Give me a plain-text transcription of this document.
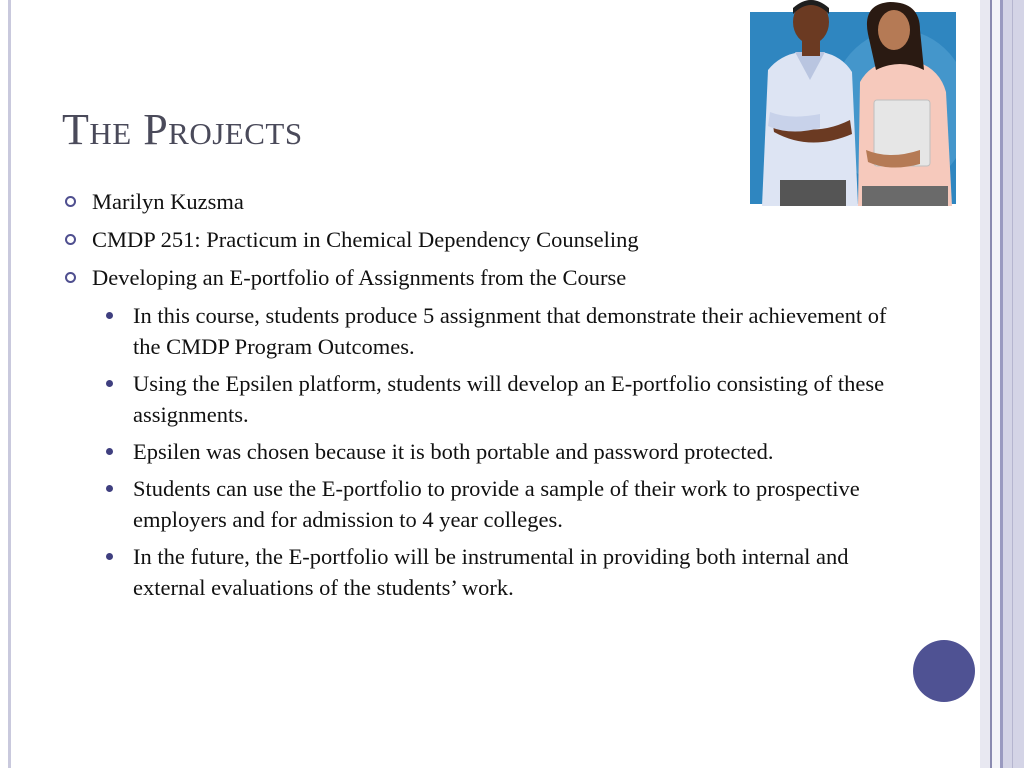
The Projects

Marilyn Kuzsma

CMDP 251: Practicum in Chemical Dependency Counseling

Developing an E-portfolio of Assignments from the Course

In this course, students produce 5 assignment that demonstrate their achievement of the CMDP Program Outcomes.

Using the Epsilen platform, students will develop an E-portfolio consisting of these assignments.

Epsilen was chosen because it is both portable and password protected.

Students can use the E-portfolio to provide a sample of their work to prospective employers and for admission to 4 year colleges.

In the future, the E-portfolio will be instrumental in providing both internal and external evaluations of the students’ work.
